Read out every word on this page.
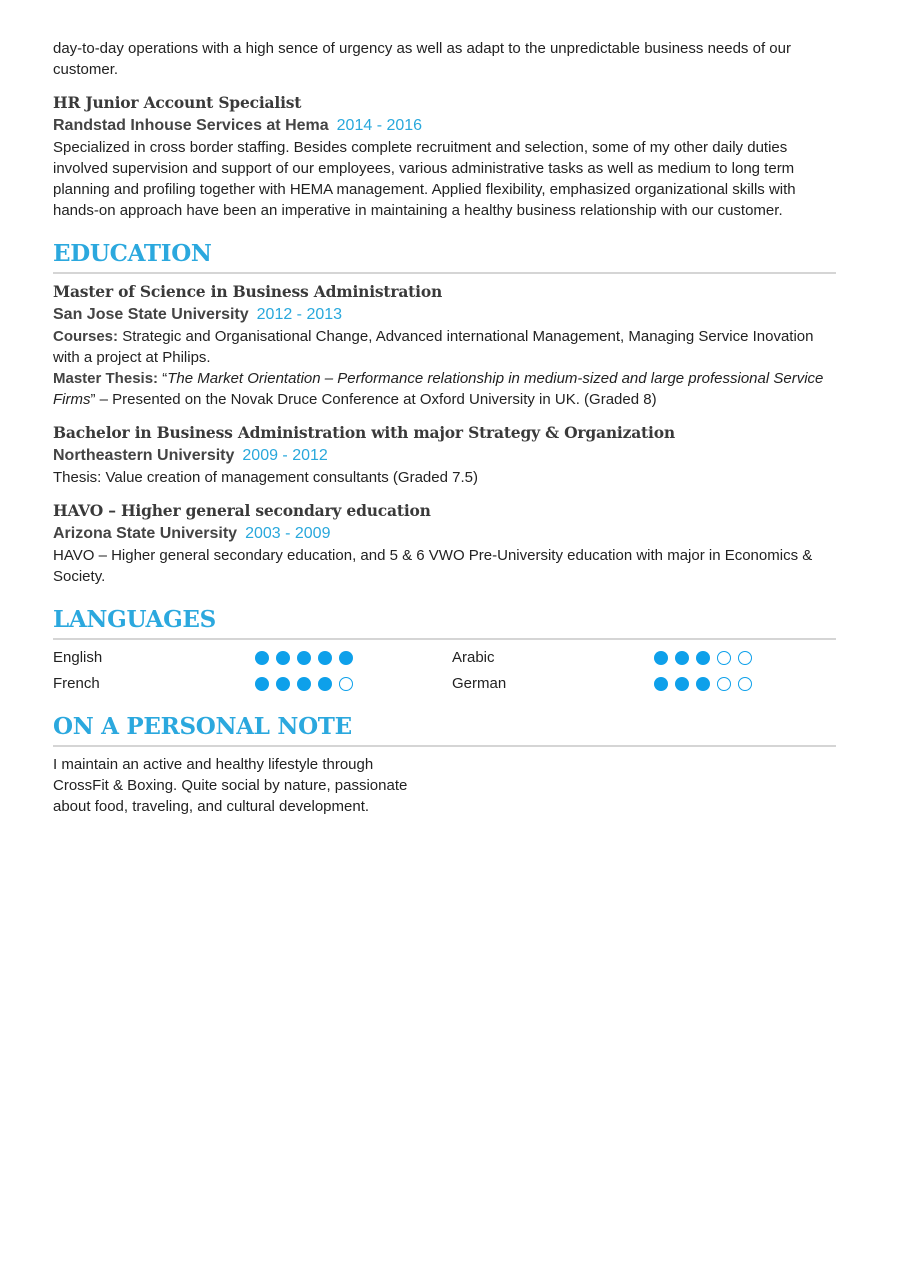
day-to-day operations with a high sence of urgency as well as adapt to the unpredictable business needs of our customer.

HR Junior Account Specialist
Randstad Inhouse Services at Hema 2014 - 2016

Specialized in cross border staffing. Besides complete recruitment and selection, some of my other daily duties involved supervision and support of our employees, various administrative tasks as well as medium to long term planning and profiling together with HEMA management. Applied flexibility, emphasized organizational skills with hands-on approach have been an imperative in maintaining a healthy business relationship with our customer.

EDUCATION
Master of Science in Business Administration
San Jose State University 2012 - 2013

Courses: Strategic and Organisational Change, Advanced international Management, Managing Service Inovation with a project at Philips.

Master Thesis: “The Market Orientation – Performance relationship in medium-sized and large professional Service Firms” – Presented on the Novak Druce Conference at Oxford University in UK. (Graded 8)

Bachelor in Business Administration with major Strategy & Organization
Northeastern University 2009 - 2012

Thesis: Value creation of management consultants (Graded 7.5)

HAVO – Higher general secondary education
Arizona State University 2003 - 2009

HAVO – Higher general secondary education, and 5 & 6 VWO Pre-University education with major in Economics & Society.

LANGUAGES
English	Arabic
French	German
ON A PERSONAL NOTE

I maintain an active and healthy lifestyle through CrossFit & Boxing. Quite social by nature, passionate about food, traveling, and cultural development.
